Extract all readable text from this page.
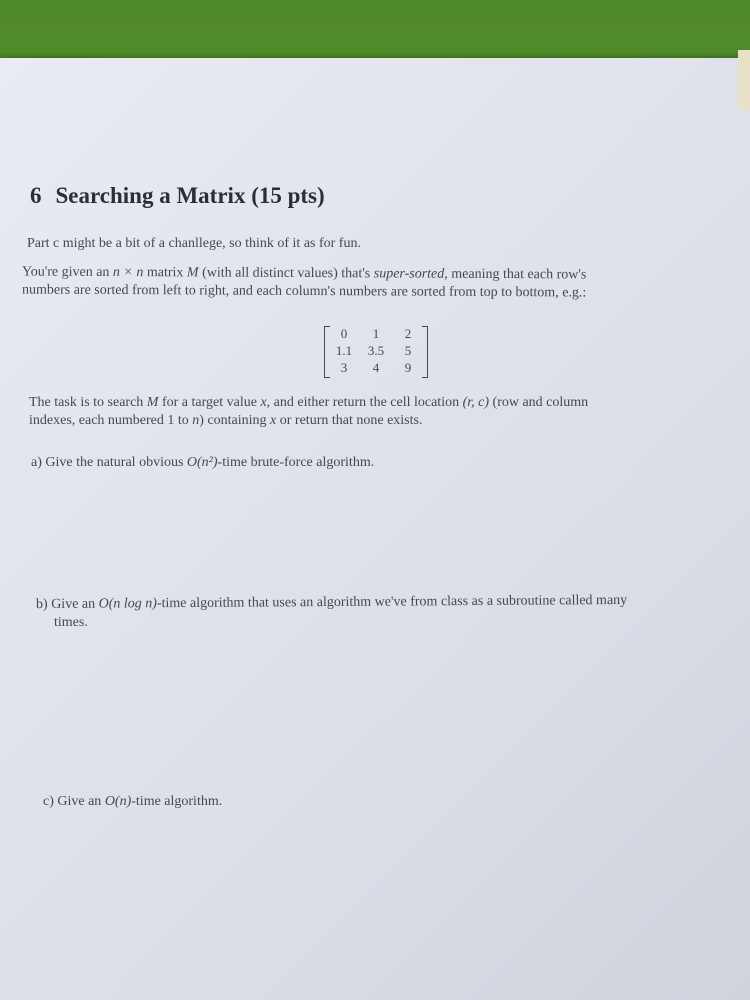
6 Searching a Matrix (15 pts)
Part c might be a bit of a chanllege, so think of it as for fun.
You're given an n × n matrix M (with all distinct values) that's super-sorted, meaning that each row's
numbers are sorted from left to right, and each column's numbers are sorted from top to bottom, e.g.:
0	1	2
1.1	3.5	5
3	4	9
The task is to search M for a target value x, and either return the cell location (r, c) (row and column
indexes, each numbered 1 to n) containing x or return that none exists.
a) Give the natural obvious O(n²)-time brute-force algorithm.
b) Give an O(n log n)-time algorithm that uses an algorithm we've from class as a subroutine called many
times.
c) Give an O(n)-time algorithm.
